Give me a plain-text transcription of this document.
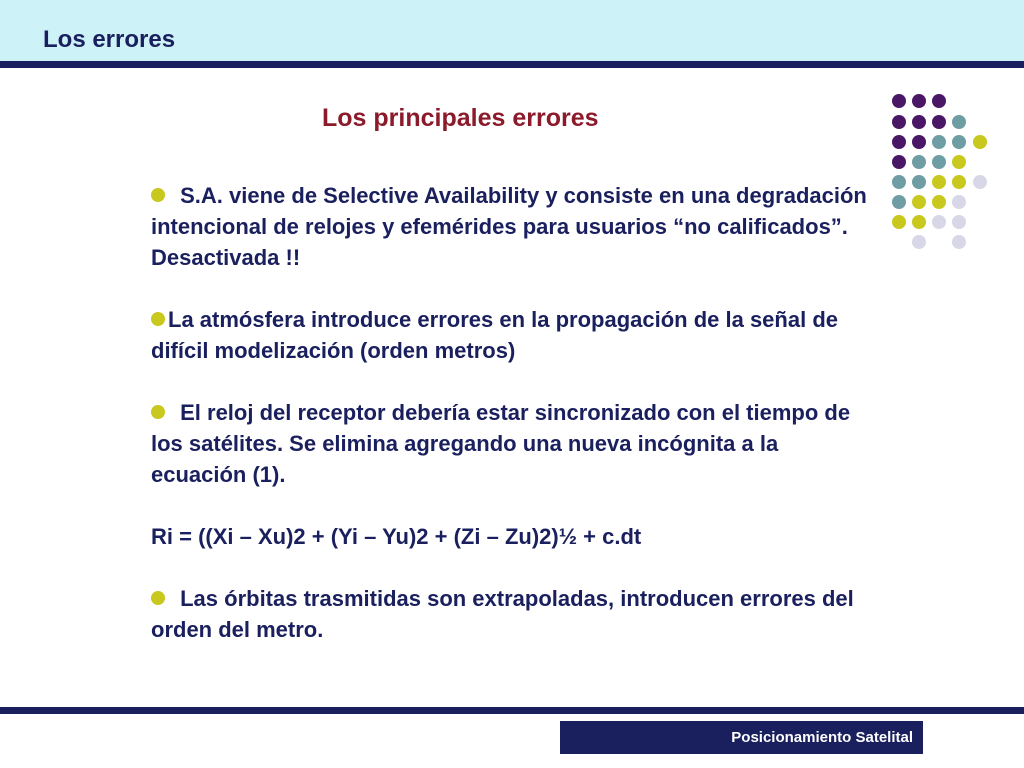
Los errores
Los principales errores

S.A. viene de Selective Availability y consiste en una degradación intencional de relojes y efemérides para usuarios “no calificados”. Desactivada !!

La atmósfera introduce errores en la propagación de la señal de difícil modelización (orden metros)

El reloj del receptor debería estar sincronizado con el tiempo de los satélites. Se elimina agregando una nueva incógnita a la ecuación (1).

Ri = ((Xi – Xu)2 + (Yi – Yu)2 + (Zi – Zu)2)½ + c.dt

Las órbitas trasmitidas son extrapoladas, introducen errores del orden del metro.

Posicionamiento Satelital
